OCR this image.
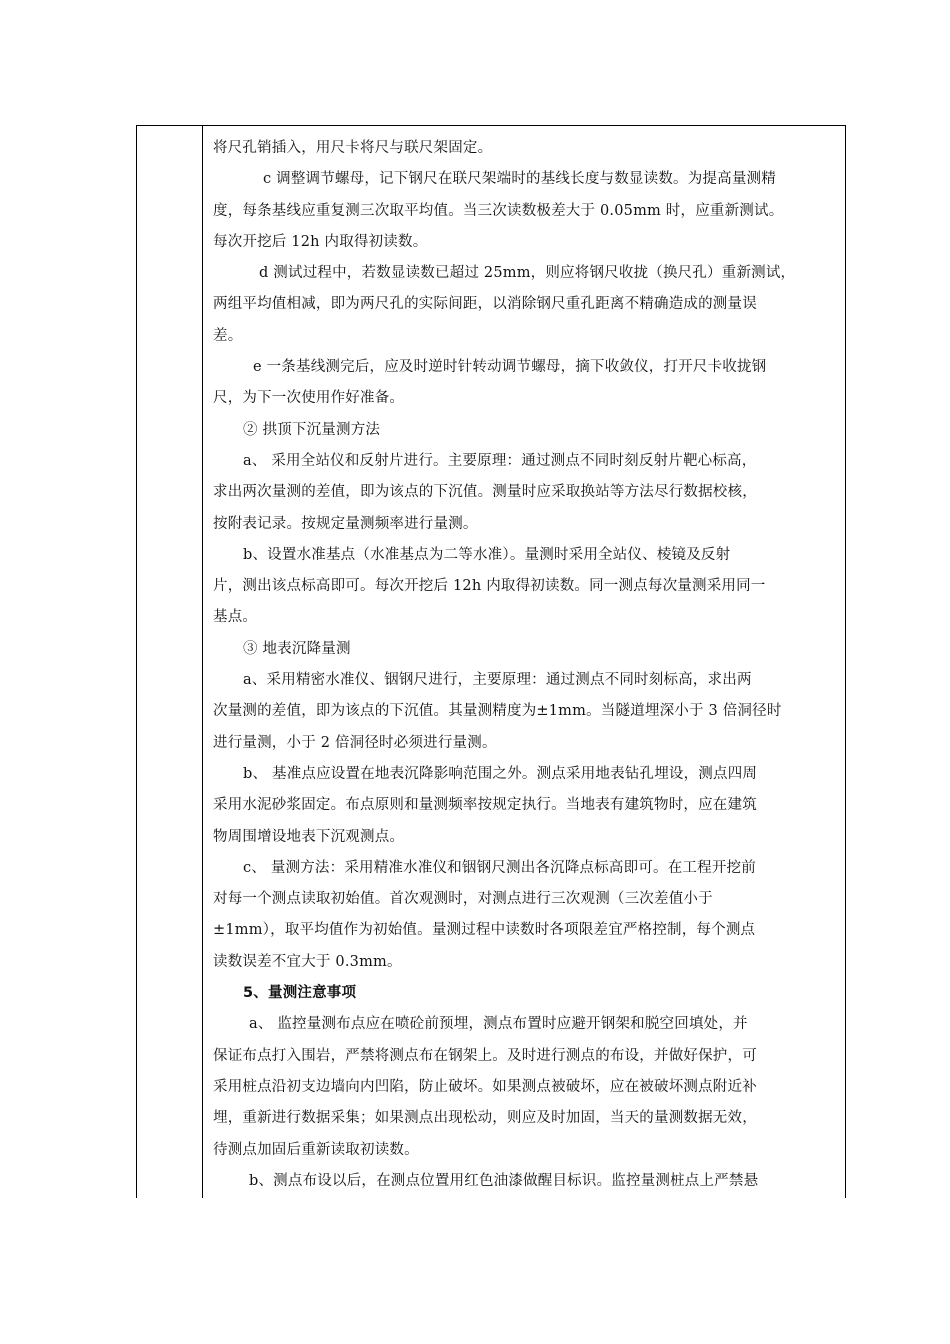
将尺孔销插入，用尺卡将尺与联尺架固定。
c 调整调节螺母，记下钢尺在联尺架端时的基线长度与数显读数。为提高量测精
度，每条基线应重复测三次取平均值。当三次读数极差大于 0.05mm 时，应重新测试。
每次开挖后 12h 内取得初读数。
d 测试过程中，若数显读数已超过 25mm，则应将钢尺收拢（换尺孔）重新测试，
两组平均值相减，即为两尺孔的实际间距，以消除钢尺重孔距离不精确造成的测量误
差。
e 一条基线测完后，应及时逆时针转动调节螺母，摘下收敛仪，打开尺卡收拢钢
尺，为下一次使用作好准备。
② 拱顶下沉量测方法
a、 采用全站仪和反射片进行。主要原理：通过测点不同时刻反射片靶心标高，
求出两次量测的差值，即为该点的下沉值。测量时应采取换站等方法尽行数据校核，
按附表记录。按规定量测频率进行量测。
b、设置水准基点（水准基点为二等水准）。量测时采用全站仪、棱镜及反射
片，测出该点标高即可。每次开挖后 12h 内取得初读数。同一测点每次量测采用同一
基点。
③ 地表沉降量测
a、采用精密水准仪、铟钢尺进行，主要原理：通过测点不同时刻标高，求出两
次量测的差值，即为该点的下沉值。其量测精度为±1mm。当隧道埋深小于 3 倍洞径时
进行量测，小于 2 倍洞径时必须进行量测。
b、 基准点应设置在地表沉降影响范围之外。测点采用地表钻孔埋设，测点四周
采用水泥砂浆固定。布点原则和量测频率按规定执行。当地表有建筑物时，应在建筑
物周围增设地表下沉观测点。
c、 量测方法：采用精准水准仪和铟钢尺测出各沉降点标高即可。在工程开挖前
对每一个测点读取初始值。首次观测时，对测点进行三次观测（三次差值小于
±1mm），取平均值作为初始值。量测过程中读数时各项限差宜严格控制，每个测点
读数误差不宜大于 0.3mm。
5、量测注意事项
a、 监控量测布点应在喷砼前预埋，测点布置时应避开钢架和脱空回填处，并
保证布点打入围岩，严禁将测点布在钢架上。及时进行测点的布设，并做好保护，可
采用桩点沿初支边墙向内凹陷，防止破坏。如果测点被破坏，应在被破坏测点附近补
埋，重新进行数据采集；如果测点出现松动，则应及时加固，当天的量测数据无效，
待测点加固后重新读取初读数。
b、测点布设以后，在测点位置用红色油漆做醒目标识。监控量测桩点上严禁悬
